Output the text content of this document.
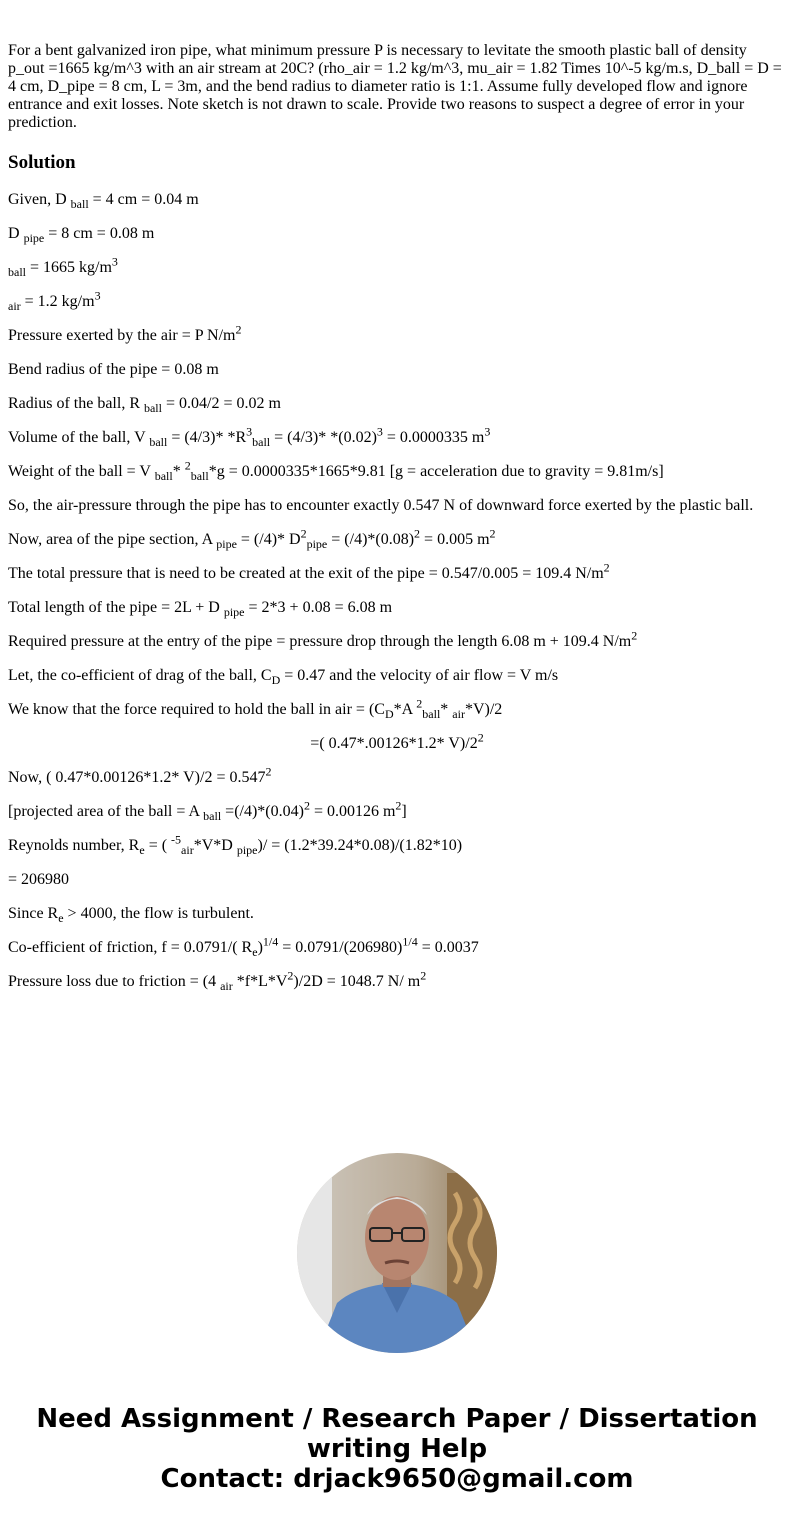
For a bent galvanized iron pipe, what minimum pressure P is necessary to levitate the smooth plastic ball of density p_out =1665 kg/m^3 with an air stream at 20C? (rho_air = 1.2 kg/m^3, mu_air = 1.82 Times 10^-5 kg/m.s, D_ball = D = 4 cm, D_pipe = 8 cm, L = 3m, and the bend radius to diameter ratio is 1:1. Assume fully developed flow and ignore entrance and exit losses. Note sketch is not drawn to scale. Provide two reasons to suspect a degree of error in your prediction.

Solution

Given, D $_{ball}$ = 4 cm = 0.04 m

D $_{pipe}$ = 8 cm = 0.08 m

$_{ball}$ = 1665 $kg/m^3$

$_{air}$ = 1.2 $kg/m^3$

Pressure exerted by the air = P $N/m^2$

Bend radius of the pipe = 0.08 m

Radius of the ball, R $_{ball}$ = 0.04/2 = 0.02 m

Volume of the ball, V $_{ball}$ = (4/3)* $*R^3_{ball} = (4/3)*$ $*(0.02)^3 = 0.0000335$ $m^3$

Weight of the ball = V $_{ball}$* $^2_{ball}$*g = 0.0000335*1665*9.81 [g = acceleration due to gravity = 9.81m/s]

So, the air-pressure through the pipe has to encounter exactly 0.547 N of downward force exerted by the plastic ball.

Now, area of the pipe section, A $_{pipe}$ = (/4)* $D^2_{pipe} = (/4)*(0.08)^2 = 0.005$ $m^2$

The total pressure that is need to be created at the exit of the pipe = 0.547/0.005 = 109.4 $N/m^2$

Total length of the pipe = 2L + D $_{pipe}$ = 2*3 + 0.08 = 6.08 m

Required pressure at the entry of the pipe = pressure drop through the length 6.08 m + 109.4 $N/m^2$

Let, the co-efficient of drag of the ball, $C_D = 0.47$ and the velocity of air flow = V m/s

We know that the force required to hold the ball in air = ($C_D*A$ $^2_{ball}$* $_{air}$*V)/2

=( 0.47*.00126*1.2* $V)/2^2$

Now, ( 0.47*0.00126*1.2* $V)/2 = 0.547^2$

[projected area of the ball = A $_{ball} =(/4)*(0.04)^2 = 0.00126$ $m^2$]

Reynolds number, $R_e$ = ( $^{-5}_{air}$*V*D $_{pipe}$)/ = (1.2*39.24*0.08)/(1.82*10)

= 206980

Since $R_e > 4000$, the flow is turbulent.

Co-efficient of friction, f = 0.0791/( $R_e)^{1/4} = 0.0791/(206980)^{1/4} = 0.0037$

Pressure loss due to friction = (4 $_{air}$ $*f*L*V^2)/2D = 1048.7$ N/ $m^2$

Need Assignment / Research Paper / Dissertation
writing Help
Contact: drjack9650@gmail.com
